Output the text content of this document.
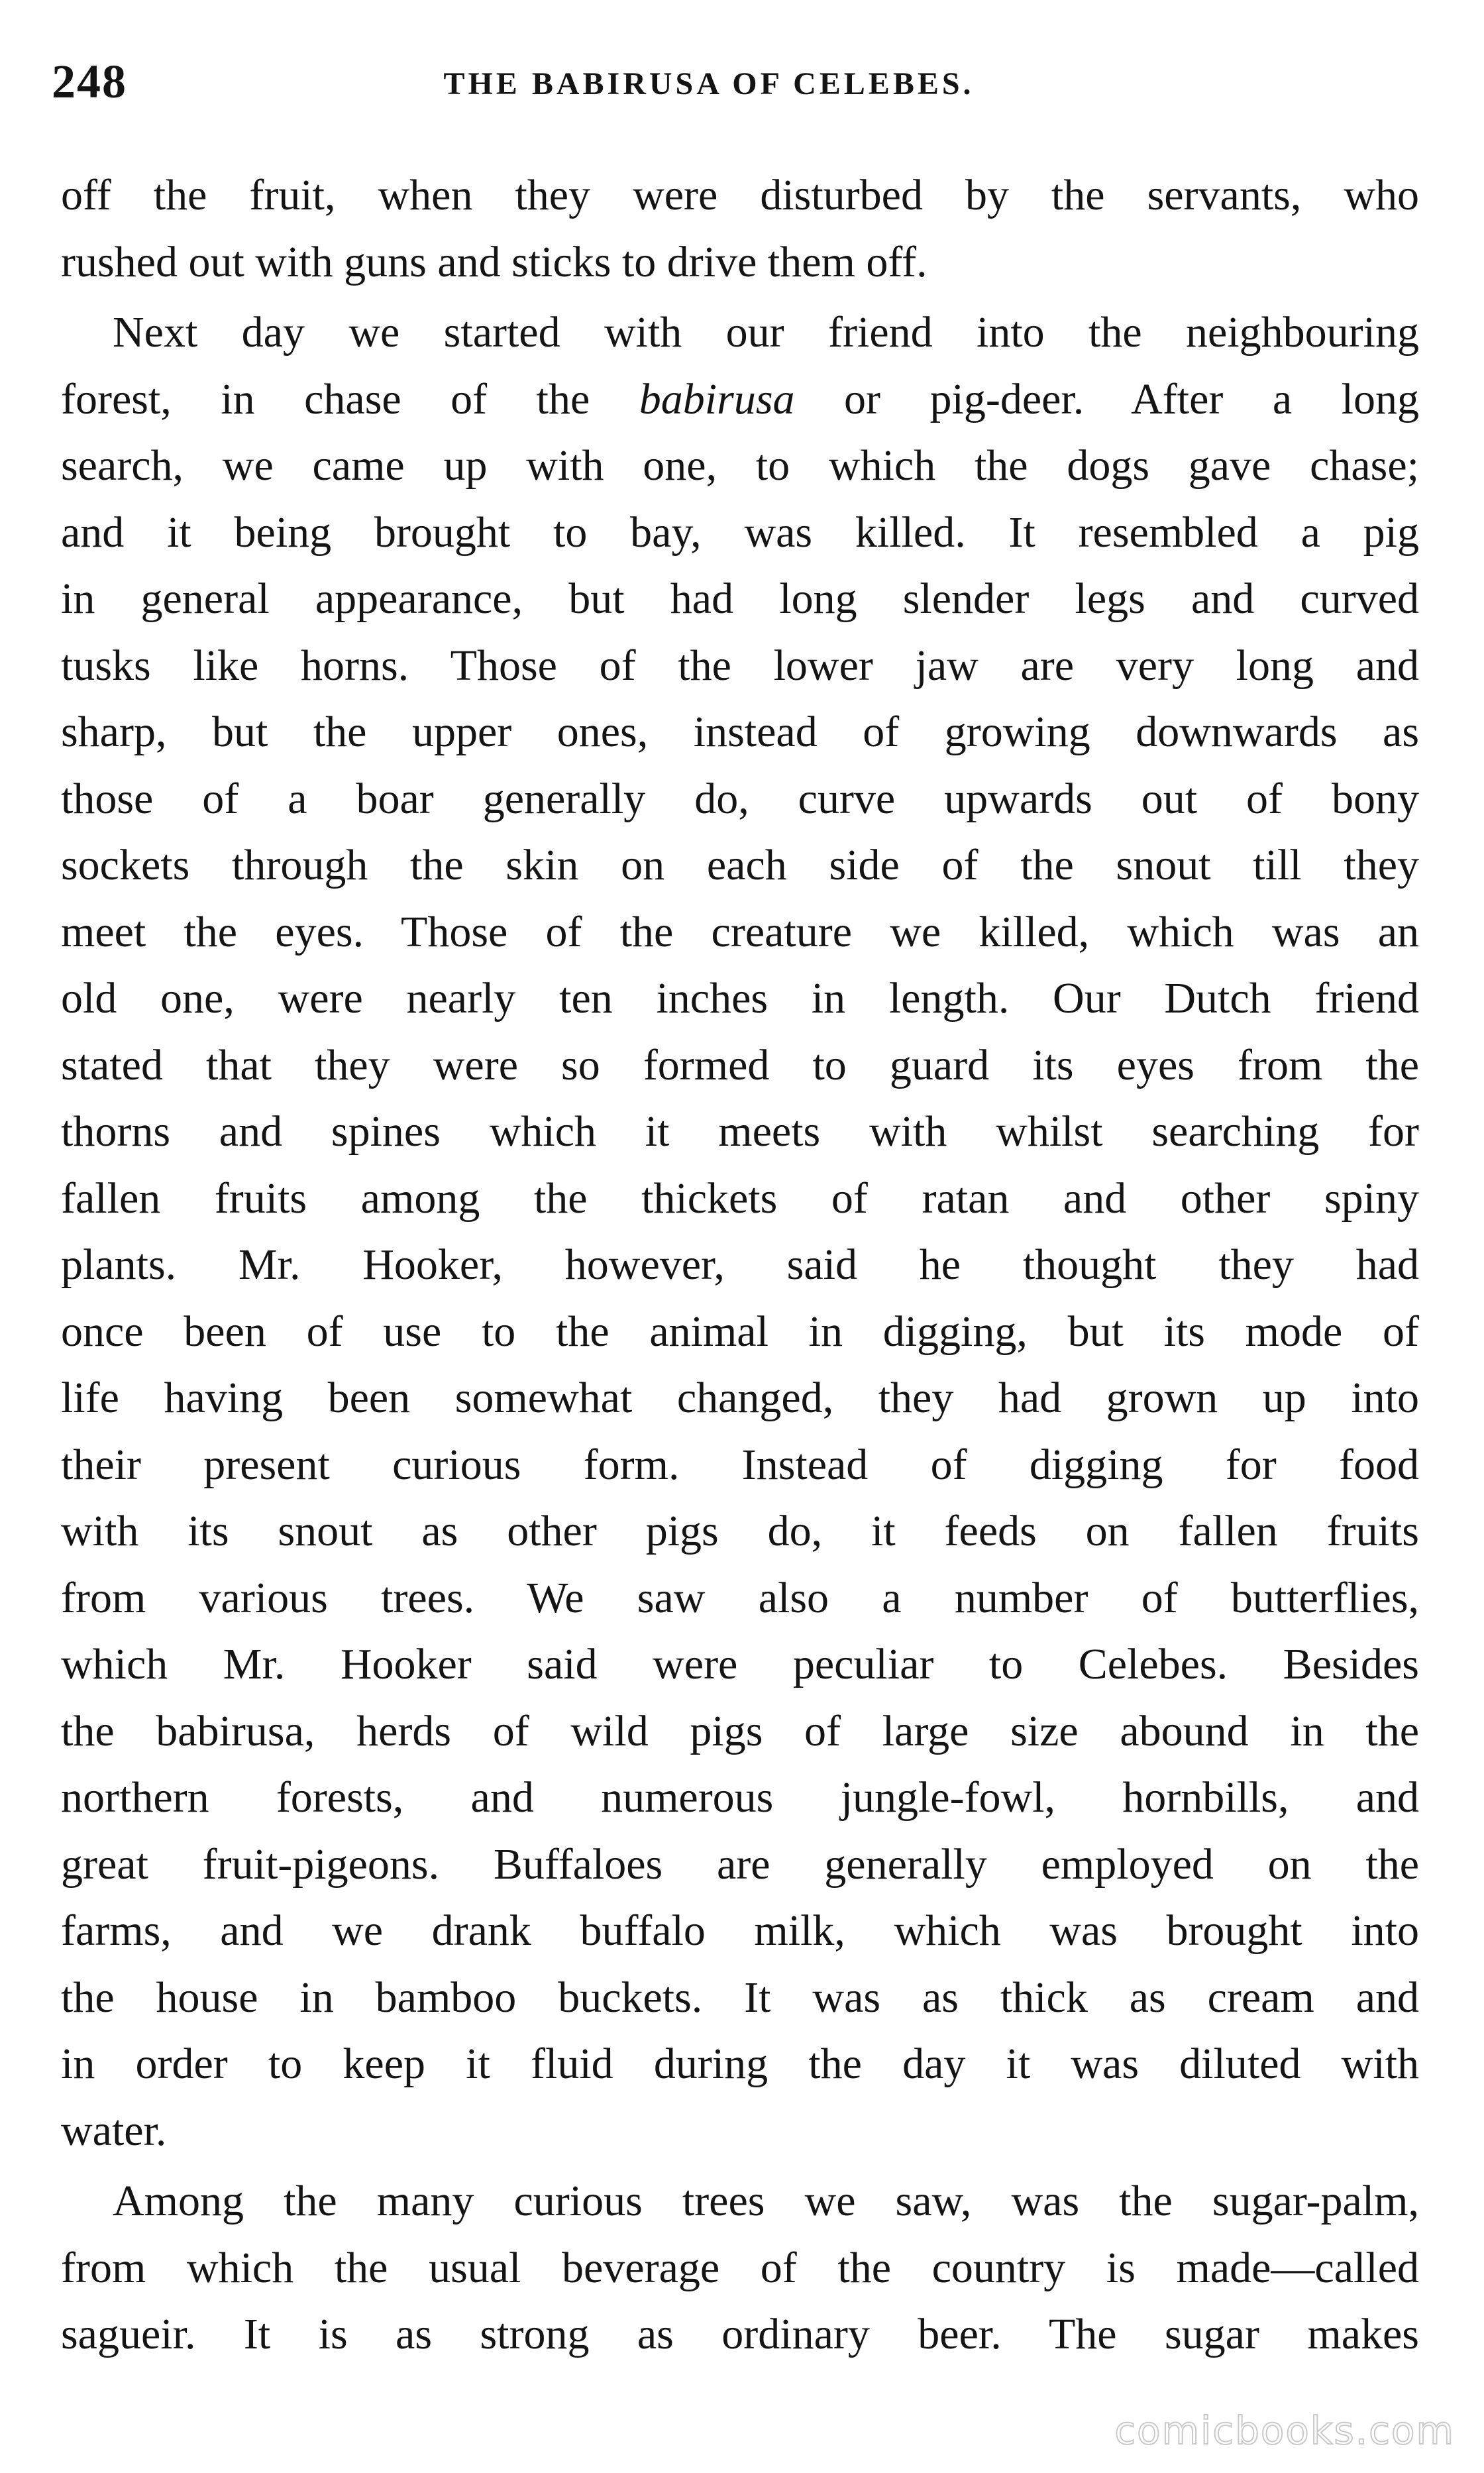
248	THE BABIRUSA OF CELEBES.

off the fruit, when they were disturbed by the servants, who
rushed out with guns and sticks to drive them off.

Next day we started with our friend into the neighbouring
forest, in chase of the babirusa or pig-deer. After a long
search, we came up with one, to which the dogs gave chase;
and it being brought to bay, was killed. It resembled a pig
in general appearance, but had long slender legs and curved
tusks like horns. Those of the lower jaw are very long and
sharp, but the upper ones, instead of growing downwards as
those of a boar generally do, curve upwards out of bony
sockets through the skin on each side of the snout till they
meet the eyes. Those of the creature we killed, which was an
old one, were nearly ten inches in length. Our Dutch friend
stated that they were so formed to guard its eyes from the
thorns and spines which it meets with whilst searching for
fallen fruits among the thickets of ratan and other spiny
plants. Mr. Hooker, however, said he thought they had
once been of use to the animal in digging, but its mode of
life having been somewhat changed, they had grown up into
their present curious form. Instead of digging for food
with its snout as other pigs do, it feeds on fallen fruits
from various trees. We saw also a number of butterflies,
which Mr. Hooker said were peculiar to Celebes. Besides
the babirusa, herds of wild pigs of large size abound in the
northern forests, and numerous jungle-fowl, hornbills, and
great fruit-pigeons. Buffaloes are generally employed on the
farms, and we drank buffalo milk, which was brought into
the house in bamboo buckets. It was as thick as cream and
in order to keep it fluid during the day it was diluted with
water.

Among the many curious trees we saw, was the sugar-palm,
from which the usual beverage of the country is made—called
sagueir. It is as strong as ordinary beer. The sugar makes

comicbooks.com
